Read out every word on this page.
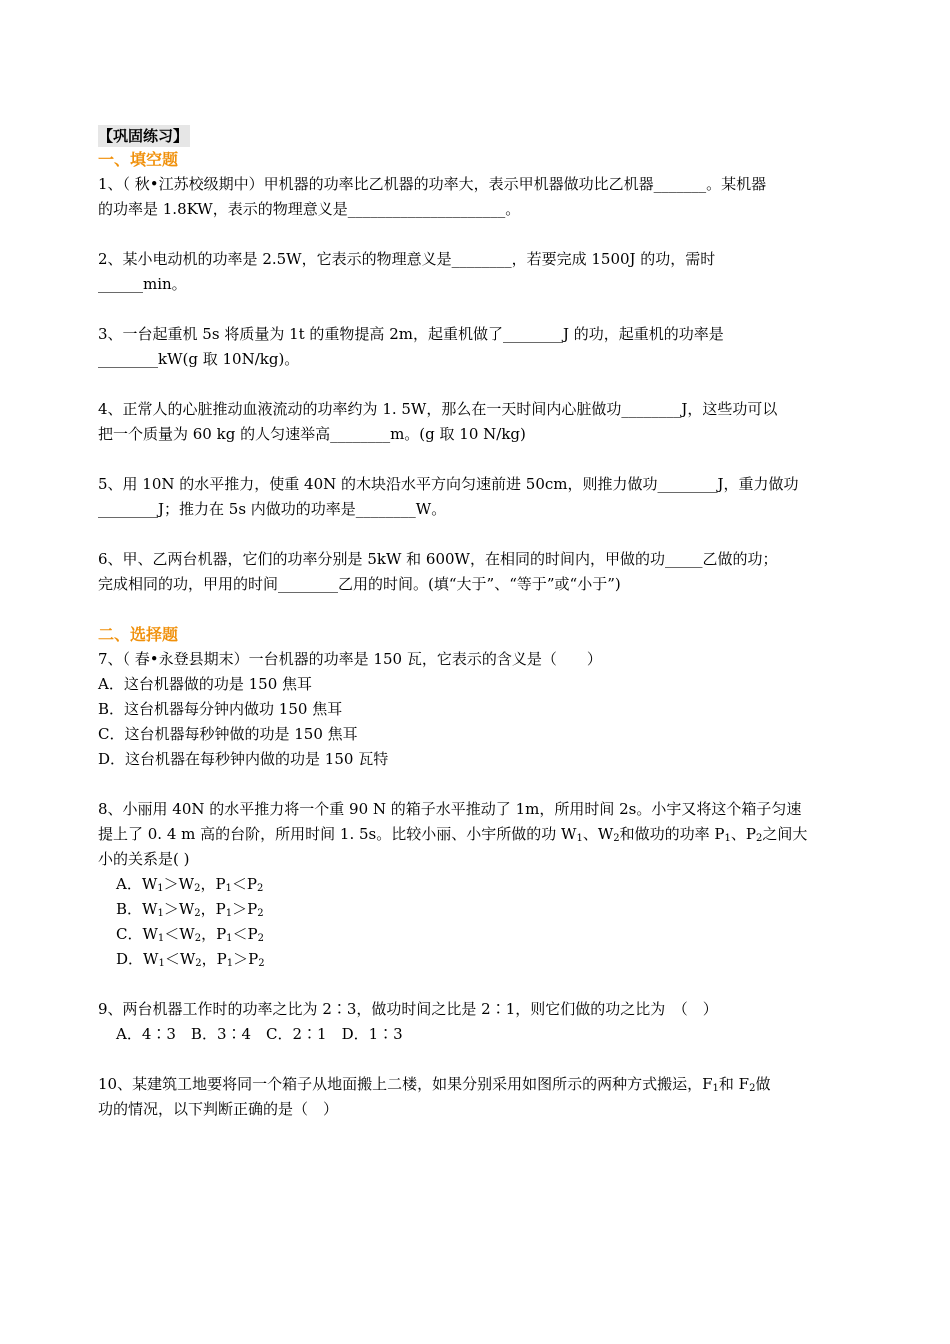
【巩固练习】

一、填空题

1、（ 秋•江苏校级期中）甲机器的功率比乙机器的功率大，表示甲机器做功比乙机器_______。某机器

的功率是 1.8KW，表示的物理意义是_____________________。

2、某小电动机的功率是 2.5W，它表示的物理意义是________，若要完成 1500J 的功，需时

______min。

3、一台起重机 5s 将质量为 1t 的重物提高 2m，起重机做了________J 的功，起重机的功率是

________kW(g 取 10N/kg)。

4、正常人的心脏推动血液流动的功率约为 1. 5W，那么在一天时间内心脏做功________J，这些功可以

把一个质量为 60 kg 的人匀速举高________m。(g 取 10 N/kg)

5、用 10N 的水平推力，使重 40N 的木块沿水平方向匀速前进 50cm，则推力做功________J，重力做功

________J；推力在 5s 内做功的功率是________W。

6、甲、乙两台机器，它们的功率分别是 5kW 和 600W，在相同的时间内，甲做的功_____乙做的功；

完成相同的功，甲用的时间________乙用的时间。(填“大于”、“等于”或“小于”)

二、选择题

7、（ 春•永登县期末）一台机器的功率是 150 瓦，它表示的含义是（　　）

A．这台机器做的功是 150 焦耳

B．这台机器每分钟内做功 150 焦耳

C．这台机器每秒钟做的功是 150 焦耳

D．这台机器在每秒钟内做的功是 150 瓦特

8、小丽用 40N 的水平推力将一个重 90 N 的箱子水平推动了 1m，所用时间 2s。小宇又将这个箱子匀速

提上了 0. 4 m 高的台阶，所用时间 1. 5s。比较小丽、小宇所做的功 $W_1$、$W_2$和做功的功率 $P_1$、$P_2$之间大

小的关系是( )

A．$W_1>W_2$，$P_1<P_2$

B．$W_1>W_2$，$P_1>P_2$

C．$W_1<W_2$，$P_1<P_2$

D．$W_1<W_2$，$P_1>P_2$

9、两台机器工作时的功率之比为 2∶3，做功时间之比是 2∶1，则它们做的功之比为　（　）

A．4∶3　B．3∶4　C．2∶1　D．1∶3

10、某建筑工地要将同一个箱子从地面搬上二楼，如果分别采用如图所示的两种方式搬运，$F_1$和 $F_2$做

功的情况，以下判断正确的是（　）
